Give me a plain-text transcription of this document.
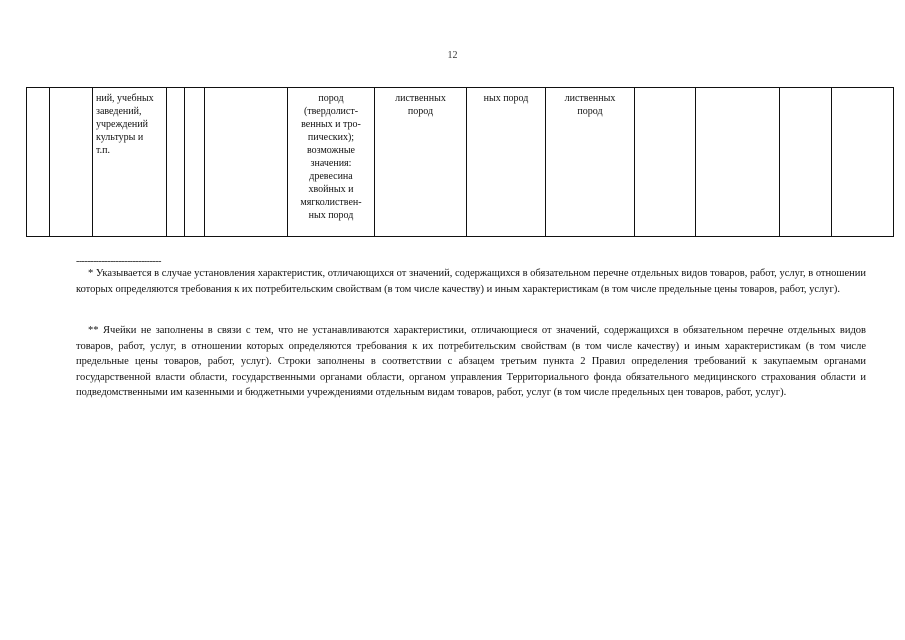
12
		ний, учебных
заведений,
учреждений
культуры и
т.п.				пород
(твердолист-
венных и тро-
пических);
возможные
значения:
древесина
хвойных и
мягколиствен-
ных пород	лиственных
пород	ных пород	лиственных
пород				
------------------------------

* Указывается в случае установления характеристик, отличающихся от значений, содержащихся в обязательном перечне отдельных видов товаров, работ, услуг, в отношении которых определяются требования к их потребительским свойствам (в том числе качеству) и иным характеристикам (в том числе предельные цены товаров, работ, услуг).

** Ячейки не заполнены в связи с тем, что не устанавливаются характеристики, отличающиеся от значений, содержащихся в обязательном перечне отдельных видов товаров, работ, услуг, в отношении которых определяются требования к их потребительским свойствам (в том числе качеству) и иным характеристикам (в том числе предельные цены товаров, работ, услуг). Строки заполнены в соответствии с абзацем третьим пункта 2 Правил определения требований к закупаемым органами государственной власти области, государственными органами области, органом управления Территориального фонда обязательного медицинского страхования области и подведомственными им казенными и бюджетными учреждениями отдельным видам товаров, работ, услуг (в том числе предельных цен товаров, работ, услуг).
